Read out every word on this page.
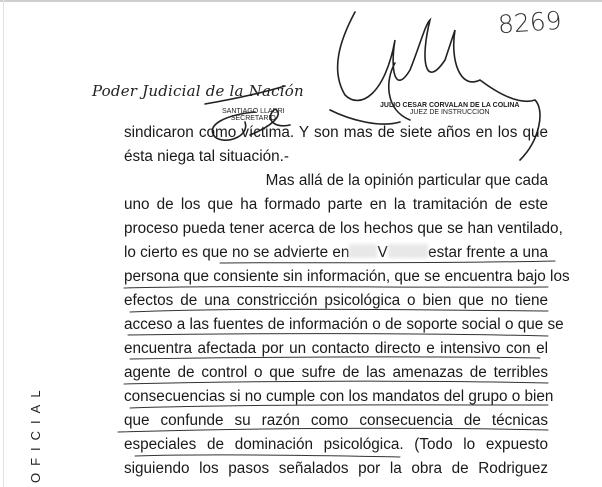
Poder Judicial de la Nación
8269
SANTIAGO LLAURI
SECRETARIO
JULIO CESAR CORVALAN DE LA COLINA
JUEZ DE INSTRUCCION
sindicaron como víctima. Y son mas de siete años en los que
ésta niega tal situación.-
Mas allá de la opinión particular que cada
uno de los que ha formado parte en la tramitación de este
proceso pueda tener acerca de los hechos que se han ventilado,
lo cierto es que no se advierte en V	estar frente a una
persona que consiente sin información, que se encuentra bajo los
efectos de una constricción psicológica o bien que no tiene
acceso a las fuentes de información o de soporte social o que se
encuentra afectada por un contacto directo e intensivo con el
agente de control o que sufre de las amenazas de terribles
consecuencias si no cumple con los mandatos del grupo o bien
que confunde su razón como consecuencia de técnicas
especiales de dominación psicológica. (Todo lo expuesto
siguiendo los pasos señalados por la obra de Rodriguez
OFICIAL
